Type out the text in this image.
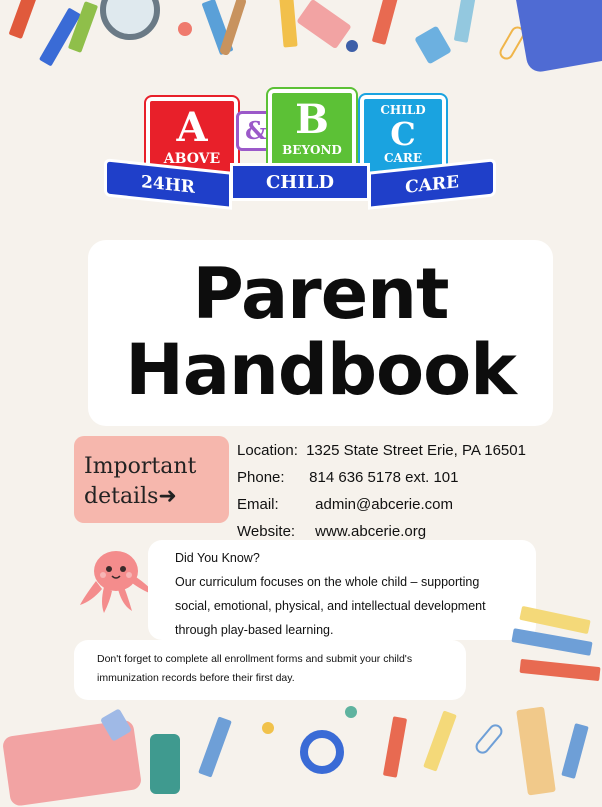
A
ABOVE
& B
BEYOND
CHILD
C
CARE
24HR	CHILD	CARE
Parent
Handbook
Important
details➜
Location: 1325 State Street Erie, PA 16501
Phone: 814 636 5178 ext. 101
Email: admin@abcerie.com
Website: www.abcerie.org
Did You Know?
Our curriculum focuses on the whole child – supporting
social, emotional, physical, and intellectual development
through play-based learning.
Don't forget to complete all enrollment forms and submit your child's
immunization records before their first day.
